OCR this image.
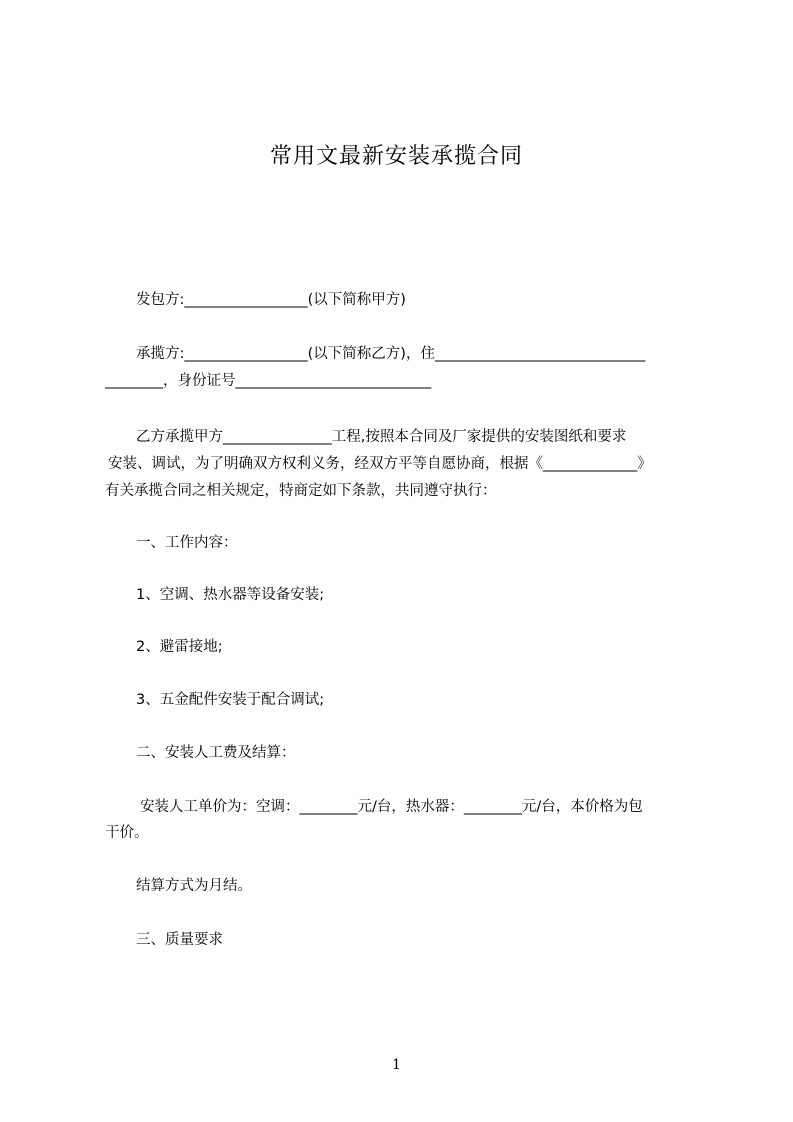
常用文最新安装承揽合同
发包方:_________________(以下简称甲方)
承揽方:_________________(以下简称乙方)，住_____________________________
________，身份证号___________________________
乙方承揽甲方_______________工程,按照本合同及厂家提供的安装图纸和要求
安装、调试，为了明确双方权利义务，经双方平等自愿协商，根据《_____________》
有关承揽合同之相关规定，特商定如下条款，共同遵守执行：
一、工作内容：
1、空调、热水器等设备安装;
2、避雷接地;
3、五金配件安装于配合调试;
二、安装人工费及结算：
安装人工单价为：空调：________元/台，热水器：________元/台，本价格为包
干价。
结算方式为月结。
三、质量要求
1
